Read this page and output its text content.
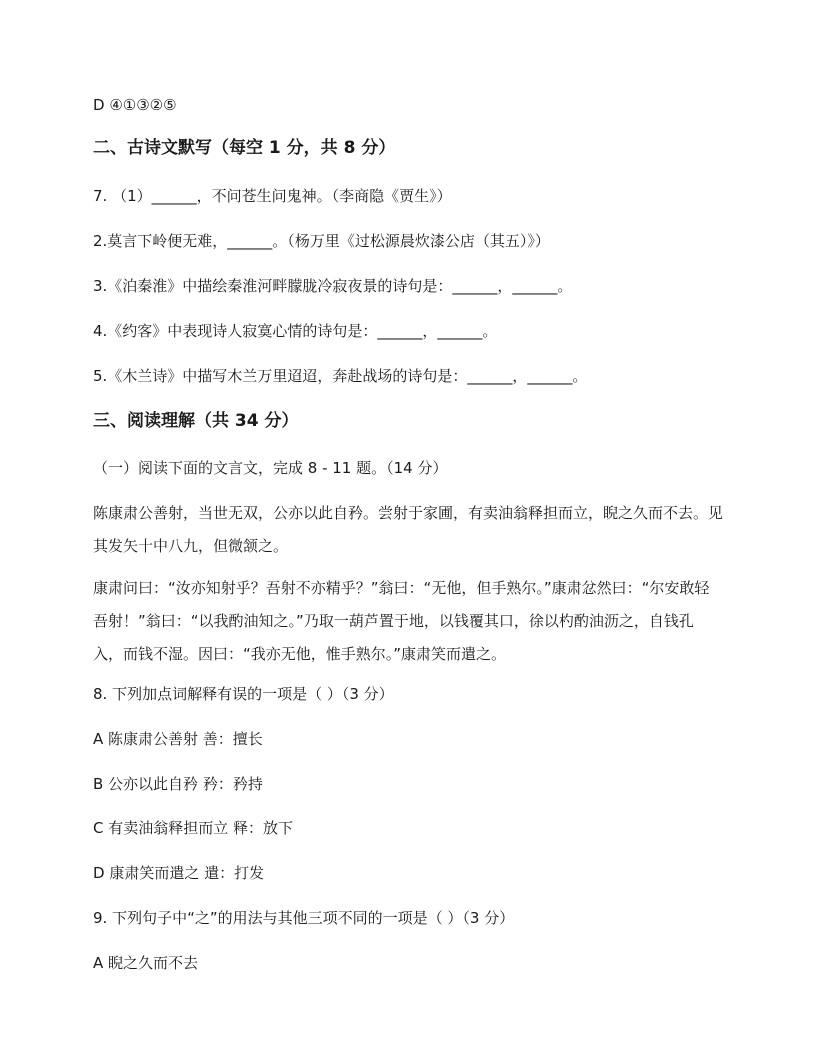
D ④①③②⑤
二、古诗文默写（每空 1 分，共 8 分）
7. （1）______，不问苍生问鬼神。（李商隐《贾生》）
2.莫言下岭便无难，______。（杨万里《过松源晨炊漆公店（其五）》）
3.《泊秦淮》中描绘秦淮河畔朦胧冷寂夜景的诗句是：______，______。
4.《约客》中表现诗人寂寞心情的诗句是：______，______。
5.《木兰诗》中描写木兰万里迢迢，奔赴战场的诗句是：______，______。
三、阅读理解（共 34 分）
（一）阅读下面的文言文，完成 8 - 11 题。（14 分）
陈康肃公善射，当世无双，公亦以此自矜。尝射于家圃，有卖油翁释担而立，睨之久而不去。见其发矢十中八九，但微颔之。
康肃问曰：“汝亦知射乎？吾射不亦精乎？”翁曰：“无他，但手熟尔。”康肃忿然曰：“尔安敢轻吾射！”翁曰：“以我酌油知之。”乃取一葫芦置于地，以钱覆其口，徐以杓酌油沥之，自钱孔入，而钱不湿。因曰：“我亦无他，惟手熟尔。”康肃笑而遣之。
8. 下列加点词解释有误的一项是（ ）（3 分）
A 陈康肃公善射 善：擅长
B 公亦以此自矜 矜：矜持
C 有卖油翁释担而立 释：放下
D 康肃笑而遣之 遣：打发
9. 下列句子中“之”的用法与其他三项不同的一项是（ ）（3 分）
A 睨之久而不去
